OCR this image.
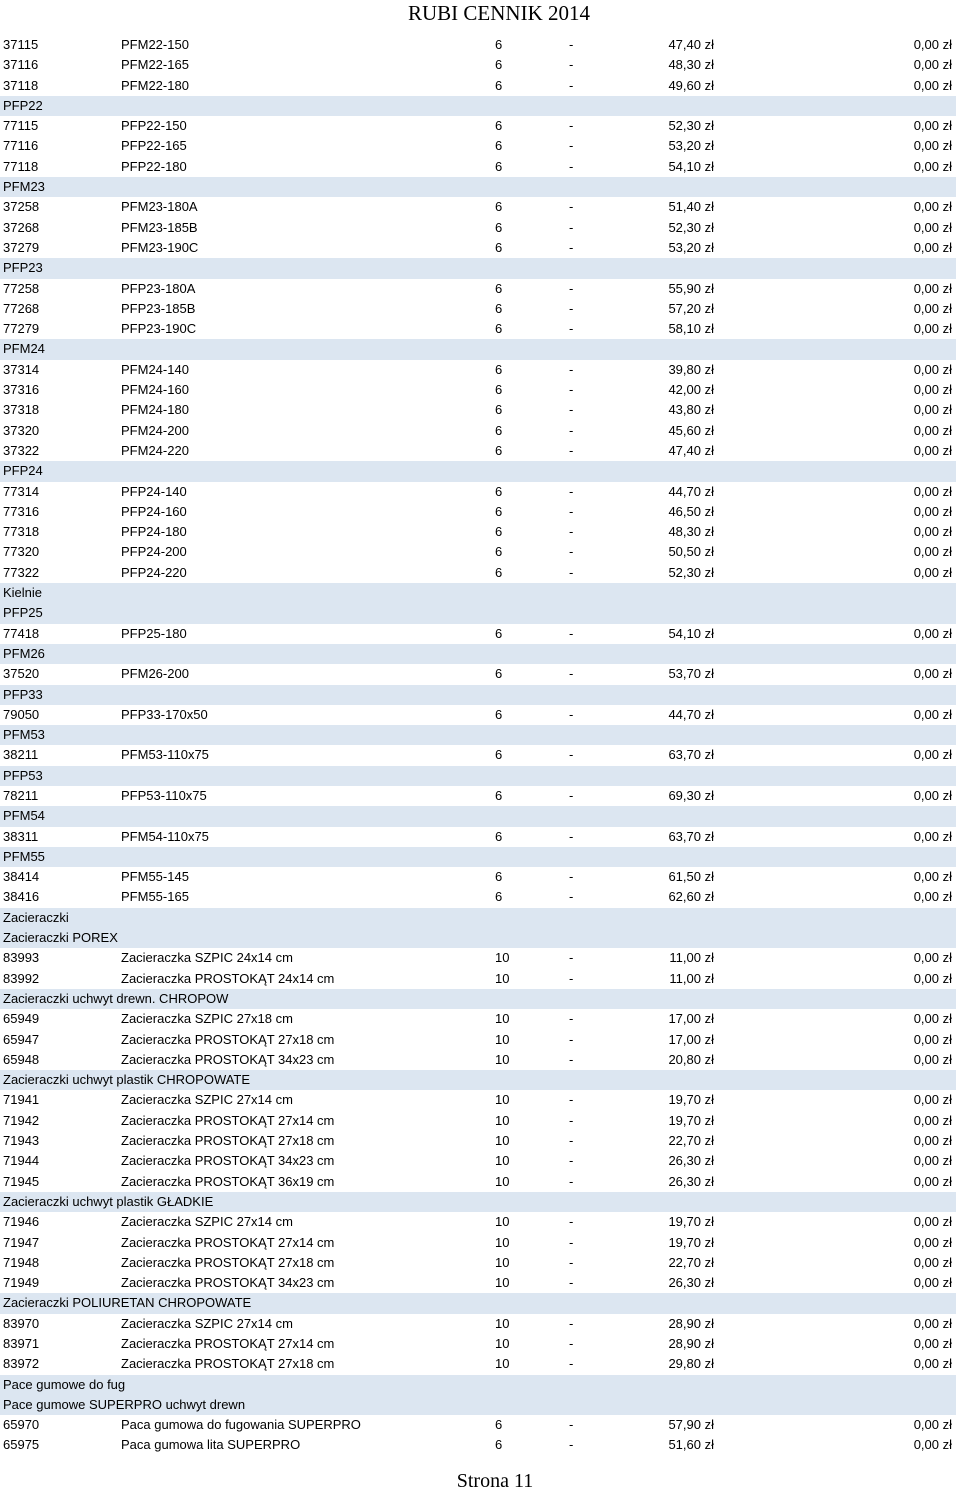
RUBI CENNIK 2014
37115	PFM22-150	6	-	47,40 zł	0,00 zł
37116	PFM22-165	6	-	48,30 zł	0,00 zł
37118	PFM22-180	6	-	49,60 zł	0,00 zł
PFP22
77115	PFP22-150	6	-	52,30 zł	0,00 zł
77116	PFP22-165	6	-	53,20 zł	0,00 zł
77118	PFP22-180	6	-	54,10 zł	0,00 zł
PFM23
37258	PFM23-180A	6	-	51,40 zł	0,00 zł
37268	PFM23-185B	6	-	52,30 zł	0,00 zł
37279	PFM23-190C	6	-	53,20 zł	0,00 zł
PFP23
77258	PFP23-180A	6	-	55,90 zł	0,00 zł
77268	PFP23-185B	6	-	57,20 zł	0,00 zł
77279	PFP23-190C	6	-	58,10 zł	0,00 zł
PFM24
37314	PFM24-140	6	-	39,80 zł	0,00 zł
37316	PFM24-160	6	-	42,00 zł	0,00 zł
37318	PFM24-180	6	-	43,80 zł	0,00 zł
37320	PFM24-200	6	-	45,60 zł	0,00 zł
37322	PFM24-220	6	-	47,40 zł	0,00 zł
PFP24
77314	PFP24-140	6	-	44,70 zł	0,00 zł
77316	PFP24-160	6	-	46,50 zł	0,00 zł
77318	PFP24-180	6	-	48,30 zł	0,00 zł
77320	PFP24-200	6	-	50,50 zł	0,00 zł
77322	PFP24-220	6	-	52,30 zł	0,00 zł
Kielnie
PFP25
77418	PFP25-180	6	-	54,10 zł	0,00 zł
PFM26
37520	PFM26-200	6	-	53,70 zł	0,00 zł
PFP33
79050	PFP33-170x50	6	-	44,70 zł	0,00 zł
PFM53
38211	PFM53-110x75	6	-	63,70 zł	0,00 zł
PFP53
78211	PFP53-110x75	6	-	69,30 zł	0,00 zł
PFM54
38311	PFM54-110x75	6	-	63,70 zł	0,00 zł
PFM55
38414	PFM55-145	6	-	61,50 zł	0,00 zł
38416	PFM55-165	6	-	62,60 zł	0,00 zł
Zacieraczki
Zacieraczki POREX
83993	Zacieraczka SZPIC 24x14 cm	10	-	11,00 zł	0,00 zł
83992	Zacieraczka PROSTOKĄT 24x14 cm	10	-	11,00 zł	0,00 zł
Zacieraczki uchwyt drewn. CHROPOW
65949	Zacieraczka SZPIC 27x18 cm	10	-	17,00 zł	0,00 zł
65947	Zacieraczka PROSTOKĄT 27x18 cm	10	-	17,00 zł	0,00 zł
65948	Zacieraczka PROSTOKĄT 34x23 cm	10	-	20,80 zł	0,00 zł
Zacieraczki uchwyt plastik CHROPOWATE
71941	Zacieraczka SZPIC 27x14 cm	10	-	19,70 zł	0,00 zł
71942	Zacieraczka PROSTOKĄT 27x14 cm	10	-	19,70 zł	0,00 zł
71943	Zacieraczka PROSTOKĄT 27x18 cm	10	-	22,70 zł	0,00 zł
71944	Zacieraczka PROSTOKĄT 34x23 cm	10	-	26,30 zł	0,00 zł
71945	Zacieraczka PROSTOKĄT 36x19 cm	10	-	26,30 zł	0,00 zł
Zacieraczki uchwyt plastik GŁADKIE
71946	Zacieraczka SZPIC 27x14 cm	10	-	19,70 zł	0,00 zł
71947	Zacieraczka PROSTOKĄT 27x14 cm	10	-	19,70 zł	0,00 zł
71948	Zacieraczka PROSTOKĄT 27x18 cm	10	-	22,70 zł	0,00 zł
71949	Zacieraczka PROSTOKĄT 34x23 cm	10	-	26,30 zł	0,00 zł
Zacieraczki POLIURETAN CHROPOWATE
83970	Zacieraczka SZPIC 27x14 cm	10	-	28,90 zł	0,00 zł
83971	Zacieraczka PROSTOKĄT 27x14 cm	10	-	28,90 zł	0,00 zł
83972	Zacieraczka PROSTOKĄT 27x18 cm	10	-	29,80 zł	0,00 zł
Pace gumowe do fug
Pace gumowe SUPERPRO uchwyt drewn
65970	Paca gumowa do fugowania SUPERPRO	6	-	57,90 zł	0,00 zł
65975	Paca gumowa lita SUPERPRO	6	-	51,60 zł	0,00 zł
Strona 11
